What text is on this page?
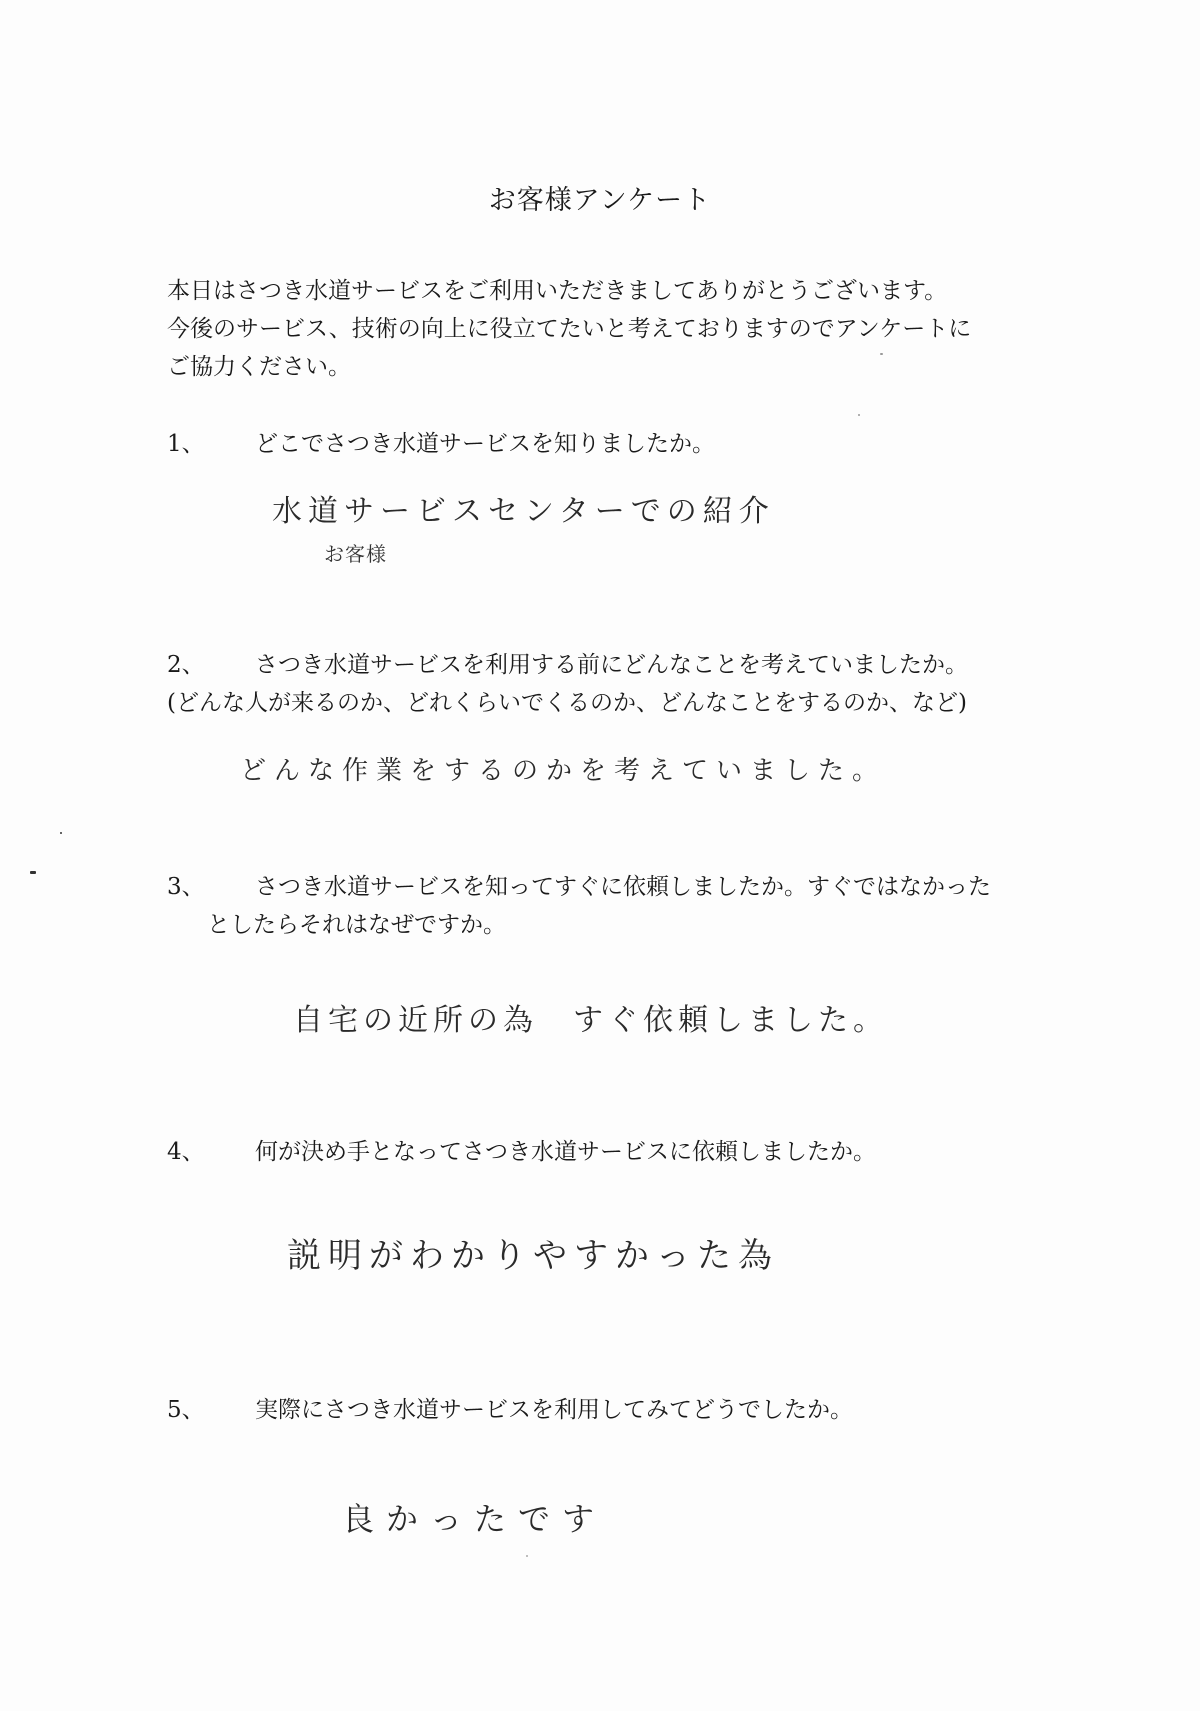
お客様アンケート
本日はさつき水道サービスをご利用いただきましてありがとうございます。
今後のサービス、技術の向上に役立てたいと考えておりますのでアンケートに
ご協力ください。
1、 どこでさつき水道サービスを知りましたか。
水道サービスセンターでの紹介
お客様
2、 さつき水道サービスを利用する前にどんなことを考えていましたか。
(どんな人が来るのか、どれくらいでくるのか、どんなことをするのか、など)
どんな作業をするのかを考えていました。
3、 さつき水道サービスを知ってすぐに依頼しましたか。すぐではなかった
としたらそれはなぜですか。
自宅の近所の為　すぐ依頼しました。
4、 何が決め手となってさつき水道サービスに依頼しましたか。
説明がわかりやすかった為
5、 実際にさつき水道サービスを利用してみてどうでしたか。
良かったです
